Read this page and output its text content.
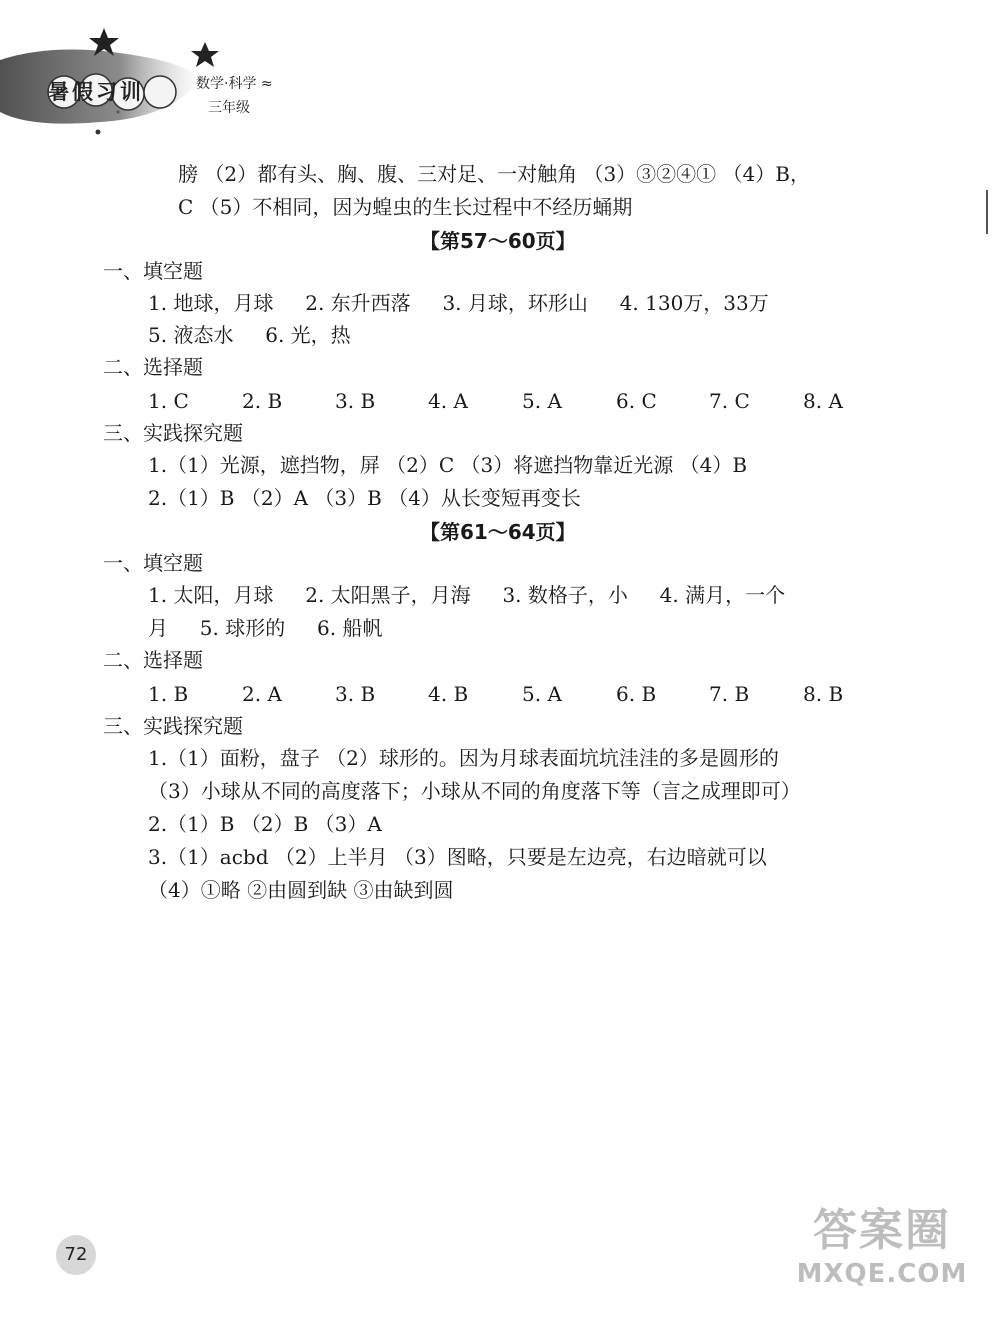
暑假习训	数学·科学 ≈
三年级
膀 （2）都有头、胸、腹、三对足、一对触角 （3）③②④① （4）B，
C （5）不相同，因为蝗虫的生长过程中不经历蛹期
【第57～60页】
一、填空题
1. 地球，月球     2. 东升西落     3. 月球，环形山     4. 130万，33万
5. 液态水     6. 光，热
二、选择题
1. C	2. B	3. B	4. A	5. A	6. C	7. C	8. A
三、实践探究题
1.（1）光源，遮挡物，屏 （2）C （3）将遮挡物靠近光源 （4）B
2.（1）B （2）A （3）B （4）从长变短再变长
【第61～64页】
一、填空题
1. 太阳，月球     2. 太阳黑子，月海     3. 数格子，小     4. 满月，一个
月     5. 球形的     6. 船帆
二、选择题
1. B	2. A	3. B	4. B	5. A	6. B	7. B	8. B
三、实践探究题
1.（1）面粉，盘子 （2）球形的。因为月球表面坑坑洼洼的多是圆形的
（3）小球从不同的高度落下；小球从不同的角度落下等（言之成理即可）
2.（1）B （2）B （3）A
3.（1）acbd （2）上半月 （3）图略，只要是左边亮，右边暗就可以
（4）①略 ②由圆到缺 ③由缺到圆
72	答案圈
MXQE.COM
